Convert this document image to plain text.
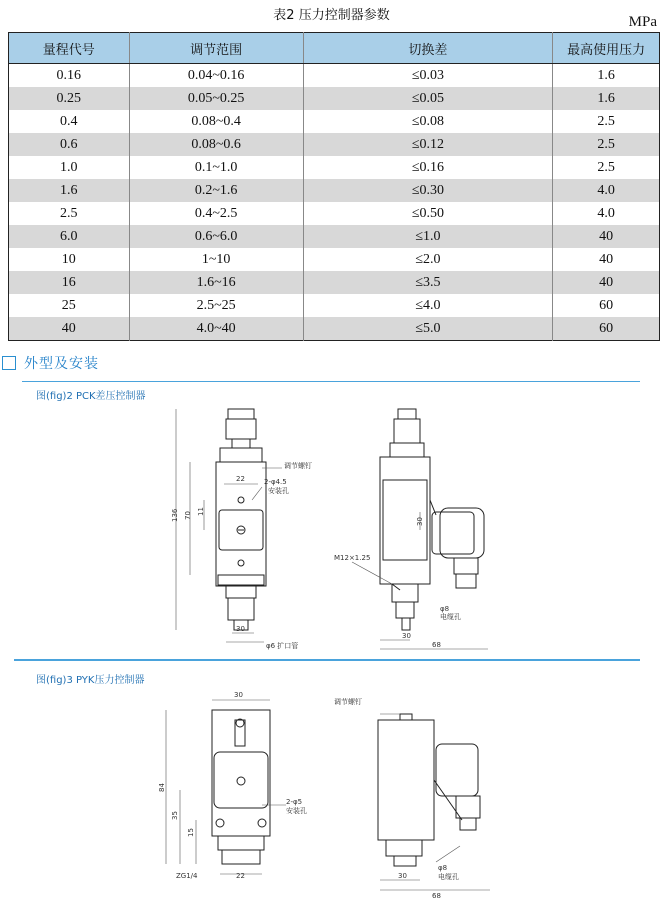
表2 压力控制器参数	MPa
量程代号	调节范围	切换差	最高使用压力
0.16	0.04~0.16	≤0.03	1.6
0.25	0.05~0.25	≤0.05	1.6
0.4	0.08~0.4	≤0.08	2.5
0.6	0.08~0.6	≤0.12	2.5
1.0	0.1~1.0	≤0.16	2.5
1.6	0.2~1.6	≤0.30	4.0
2.5	0.4~2.5	≤0.50	4.0
6.0	0.6~6.0	≤1.0	40
10	1~10	≤2.0	40
16	1.6~16	≤3.5	40
25	2.5~25	≤4.0	60
40	4.0~40	≤5.0	60
外型及安装
图(fig)2 PCK差压控制器
图(fig)3 PYK压力控制器
136 70 11
22	2-φ4.5
安装孔
调节螺钉
30
φ6 扩口管
30
68
M12×1.25
φ8
电缆孔
30
30
84
35
15
2-φ5
安装孔
ZG1/4	22
调节螺钉
φ8
电缆孔
30
68
